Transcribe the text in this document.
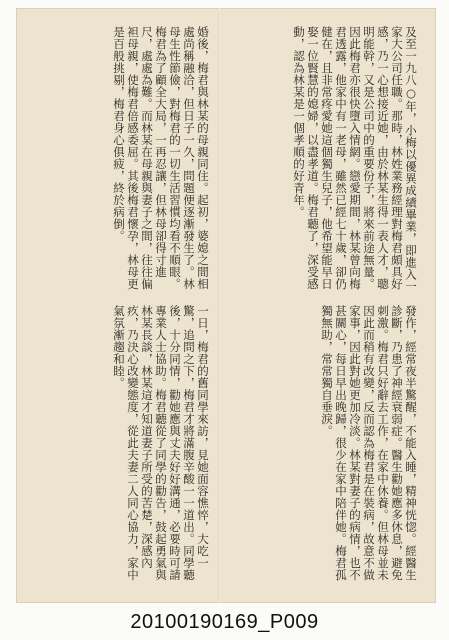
及至一九八○年，小梅以優異成績畢業，即進入一家大公司任職。那時，林姓業務經理對梅君頗具好感，乃一心想接近她，由於林某生得一表人才，聰明能幹，又是公司中的重要份子，將來前途無量。因此梅君亦很快墮入情網。戀愛期間，林某曾向梅君透露，他家中有一老母，雖然已經七十歲，卻仍健在，且非常疼愛她這個獨生兒子，他希望能早日娶一位賢慧的媳婦，以盡孝道。梅君聽了，深受感動，認為林某是一個孝順的好青年。
婚後，梅君與林某的母親同住。起初，婆媳之間相處尚稱融洽，但日子一久，問題便逐漸發生了。林母生性節儉，對梅君的一切生活習慣均看不順眼。梅君為了顧全大局，一再忍讓，但林母卻得寸進尺，處處為難。而林某在母親與妻子之間，往往偏袒母親，使梅君倍感委屈。其後梅君懷孕，林母更是百般挑剔，梅君身心俱疲，終於病倒。
發作，經常夜半驚醒，不能入睡，精神恍惚。經醫生診斷，乃患了神經衰弱症。醫生勸她應多休息，避免刺激。梅君只好辭去工作，在家中休養。但林母並未因此而稍有改變，反而認為梅君是在裝病，故意不做家事，因此對她更加冷淡。林某對妻子的病情，也不甚關心，每日早出晚歸，很少在家中陪伴她。梅君孤獨無助，常常獨自垂淚。
一日，梅君的舊同學來訪，見她面容憔悴，大吃一驚，追問之下，梅君才將滿腹辛酸一一道出。同學聽後，十分同情，勸她應與丈夫好好溝通，必要時可請專業人士協助。梅君聽從了同學的勸告，鼓起勇氣與林某長談，林某這才知道妻子所受的苦楚，深感內疚，乃決心改變態度，從此夫妻二人同心協力，家中氣氛漸趨和睦。
20100190169_P009
